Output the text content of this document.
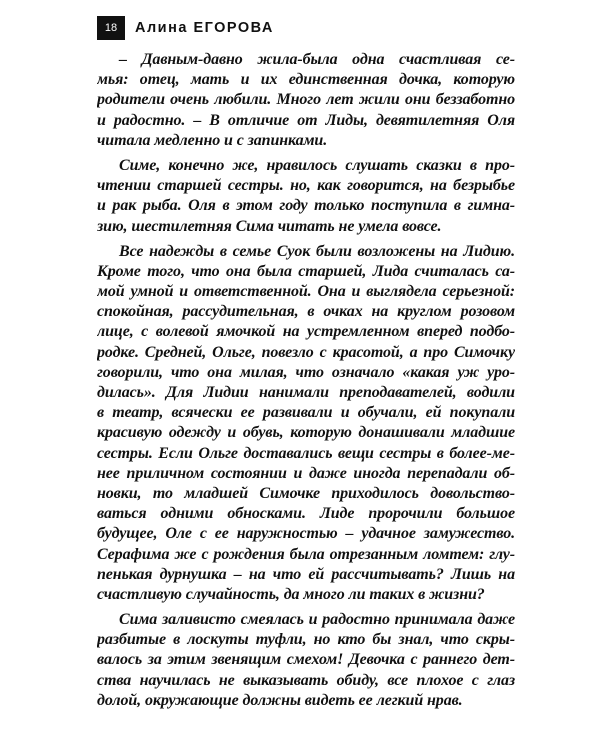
18	Алина ЕГОРОВА
– Давным-давно жила-была одна счастливая се-
мья: отец, мать и их единственная дочка, которую
родители очень любили. Много лет жили они беззаботно
и радостно. – В отличие от Лиды, девятилетняя Оля
читала медленно и с запинками.
Симе, конечно же, нравилось слушать сказки в про-
чтении старшей сестры. но, как говорится, на безрыбье
и рак рыба. Оля в этом году только поступила в гимна-
зию, шестилетняя Сима читать не умела вовсе.
Все надежды в семье Суок были возложены на Лидию.
Кроме того, что она была старшей, Лида считалась са-
мой умной и ответственной. Она и выглядела серьезной:
спокойная, рассудительная, в очках на круглом розовом
лице, с волевой ямочкой на устремленном вперед подбо-
родке. Средней, Ольге, повезло с красотой, а про Симочку
говорили, что она милая, что означало «какая уж уро-
дилась». Для Лидии нанимали преподавателей, водили
в театр, всячески ее развивали и обучали, ей покупали
красивую одежду и обувь, которую донашивали младшие
сестры. Если Ольге доставались вещи сестры в более-ме-
нее приличном состоянии и даже иногда перепадали об-
новки, то младшей Симочке приходилось довольство-
ваться одними обносками. Лиде пророчили большое
будущее, Оле с ее наружностью – удачное замужество.
Серафима же с рождения была отрезанным ломтем: глу-
пенькая дурнушка – на что ей рассчитывать? Лишь на
счастливую случайность, да много ли таких в жизни?
Сима заливисто смеялась и радостно принимала даже
разбитые в лоскуты туфли, но кто бы знал, что скры-
валось за этим звенящим смехом! Девочка с раннего дет-
ства научилась не выказывать обиду, все плохое с глаз
долой, окружающие должны видеть ее легкий нрав.
